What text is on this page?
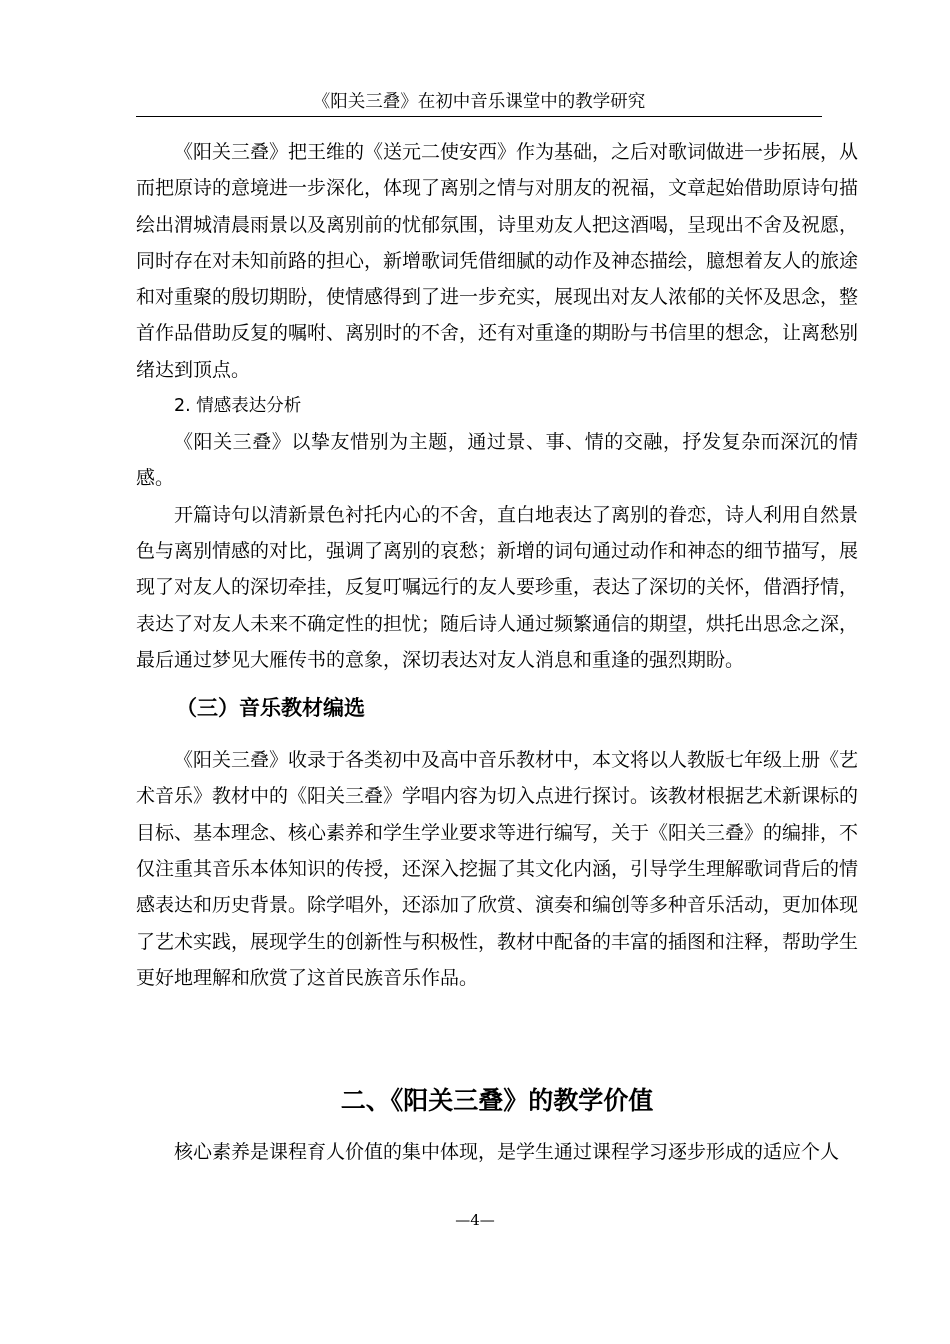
《阳关三叠》在初中音乐课堂中的教学研究

《阳关三叠》把王维的《送元二使安西》作为基础，之后对歌词做进一步拓展，从而把原诗的意境进一步深化，体现了离别之情与对朋友的祝福，文章起始借助原诗句描绘出渭城清晨雨景以及离别前的忧郁氛围，诗里劝友人把这酒喝，呈现出不舍及祝愿，同时存在对未知前路的担心，新增歌词凭借细腻的动作及神态描绘，臆想着友人的旅途和对重聚的殷切期盼，使情感得到了进一步充实，展现出对友人浓郁的关怀及思念，整首作品借助反复的嘱咐、离别时的不舍，还有对重逢的期盼与书信里的想念，让离愁别绪达到顶点。

2. 情感表达分析

《阳关三叠》以挚友惜别为主题，通过景、事、情的交融，抒发复杂而深沉的情感。

开篇诗句以清新景色衬托内心的不舍，直白地表达了离别的眷恋，诗人利用自然景色与离别情感的对比，强调了离别的哀愁；新增的词句通过动作和神态的细节描写，展现了对友人的深切牵挂，反复叮嘱远行的友人要珍重，表达了深切的关怀，借酒抒情，表达了对友人未来不确定性的担忧；随后诗人通过频繁通信的期望，烘托出思念之深，最后通过梦见大雁传书的意象，深切表达对友人消息和重逢的强烈期盼。

（三）音乐教材编选

《阳关三叠》收录于各类初中及高中音乐教材中，本文将以人教版七年级上册《艺术音乐》教材中的《阳关三叠》学唱内容为切入点进行探讨。该教材根据艺术新课标的目标、基本理念、核心素养和学生学业要求等进行编写，关于《阳关三叠》的编排，不仅注重其音乐本体知识的传授，还深入挖掘了其文化内涵，引导学生理解歌词背后的情感表达和历史背景。除学唱外，还添加了欣赏、演奏和编创等多种音乐活动，更加体现了艺术实践，展现学生的创新性与积极性，教材中配备的丰富的插图和注释，帮助学生更好地理解和欣赏了这首民族音乐作品。

二、《阳关三叠》的教学价值

核心素养是课程育人价值的集中体现，是学生通过课程学习逐步形成的适应个人

—4—
